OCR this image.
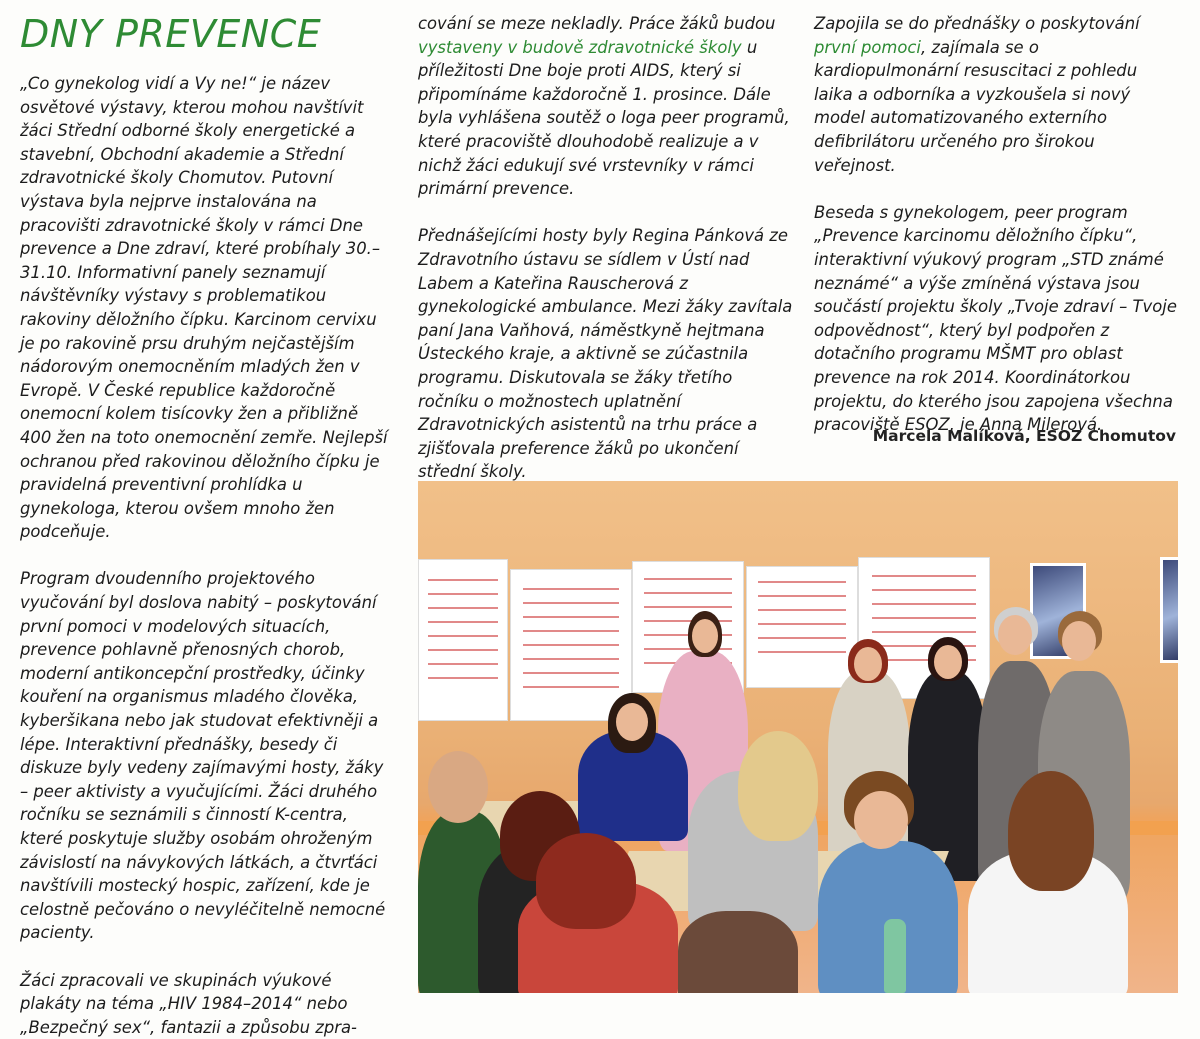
DNY PREVENCE

„Co gynekolog vidí a Vy ne!“ je název osvětové výstavy, kterou mohou navštívit žáci Střední odborné školy energetické a stavební, Obchodní akademie a Střední zdravotnické školy Chomutov. Putovní výstava byla nejprve instalována na pracovišti zdravotnické školy v rámci Dne prevence a Dne zdraví, které probíhaly 30.–31.10. Informativní panely seznamují návštěvníky výstavy s problematikou rakoviny děložního čípku. Karcinom cervixu je po rakovině prsu druhým nejčastějším nádorovým onemocněním mladých žen v Evropě. V České republice každoročně onemocní kolem tisícovky žen a přibližně 400 žen na toto onemocnění zemře. Nejlepší ochranou před rakovinou děložního čípku je pravidelná preventivní prohlídka u gynekologa, kterou ovšem mnoho žen podceňuje.

Program dvoudenního projektového vyučování byl doslova nabitý – poskytování první pomoci v modelových situacích, prevence pohlavně přenosných chorob, moderní antikoncepční prostředky, účinky kouření na organismus mladého člověka, kyberšikana nebo jak studovat efektivněji a lépe. Interaktivní přednášky, besedy či diskuze byly vedeny zajímavými hosty, žáky – peer aktivisty a vyučujícími. Žáci druhého ročníku se seznámili s činností K-centra, které poskytuje služby osobám ohroženým závislostí na návykových látkách, a čtvrťáci navštívili mostecký hospic, zařízení, kde je celostně pečováno o nevyléčitelně nemocné pacienty.

Žáci zpracovali ve skupinách výukové plakáty na téma „HIV 1984–2014“ nebo „Bezpečný sex“, fantazii a způsobu zpra-

cování se meze nekladly. Práce žáků budou vystaveny v budově zdravotnické školy u příležitosti Dne boje proti AIDS, který si připomínáme každoročně 1. prosince. Dále byla vyhlášena soutěž o loga peer programů, které pracoviště dlouhodobě realizuje a v nichž žáci edukují své vrstevníky v rámci primární prevence.

Přednášejícími hosty byly Regina Pánková ze Zdravotního ústavu se sídlem v Ústí nad Labem a Kateřina Rauscherová z gynekologické ambulance. Mezi žáky zavítala paní Jana Vaňhová, náměstkyně hejtmana Ústeckého kraje, a aktivně se zúčastnila programu. Diskutovala se žáky třetího ročníku o možnostech uplatnění Zdravotnických asistentů na trhu práce a zjišťovala preference žáků po ukončení střední školy.

Zapojila se do přednášky o poskytování první pomoci, zajímala se o kardiopulmonární resuscitaci z pohledu laika a odborníka a vyzkoušela si nový model automatizovaného externího defibrilátoru určeného pro širokou veřejnost.

Beseda s gynekologem, peer program „Prevence karcinomu děložního čípku“, interaktivní výukový program „STD známé neznámé“ a výše zmíněná výstava jsou součástí projektu školy „Tvoje zdraví – Tvoje odpovědnost“, který byl podpořen z dotačního programu MŠMT pro oblast prevence na rok 2014. Koordinátorkou projektu, do kterého jsou zapojena všechna pracoviště ESOZ, je Anna Milerová.

Marcela Malíková, ESOZ Chomutov
